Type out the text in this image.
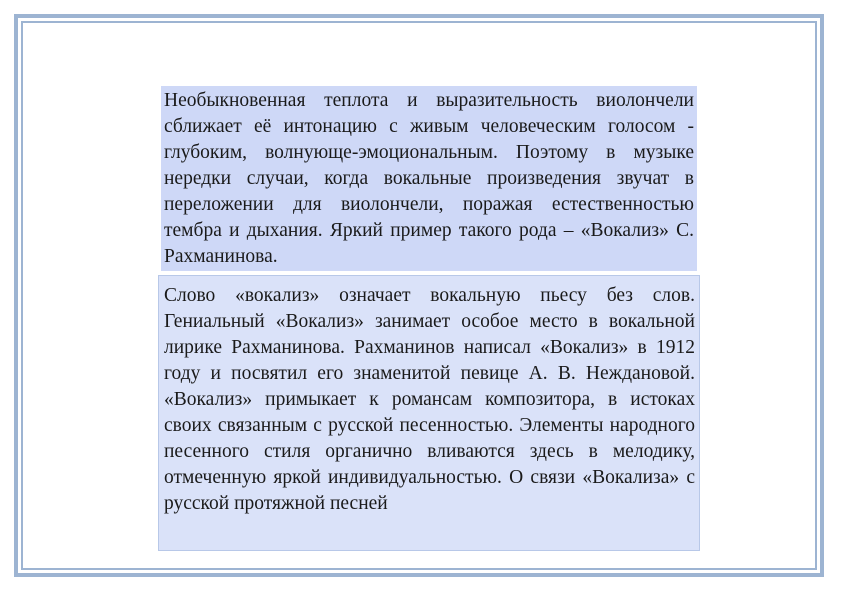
Необыкновенная теплота и выразительность виолончели сближает её интонацию с живым человеческим голосом - глубоким, волнующе-эмоциональным. Поэтому в музыке нередки случаи, когда вокальные произведения звучат в переложении для виолончели, поражая естественностью тембра и дыхания. Яркий пример такого рода – «Вокализ» С. Рахманинова.

Слово «вокализ» означает вокальную пьесу без слов. Гениальный «Вокализ» занимает особое место в вокальной лирике Рахманинова. Рахманинов написал «Вокализ» в 1912 году и посвятил его знаменитой певице А. В. Неждановой. «Вокализ» примыкает к романсам композитора, в истоках своих связанным с русской песенностью. Элементы народного песенного стиля органично вливаются здесь в мелодику, отмеченную яркой индивидуальностью. О связи «Вокализа» с русской протяжной песней
